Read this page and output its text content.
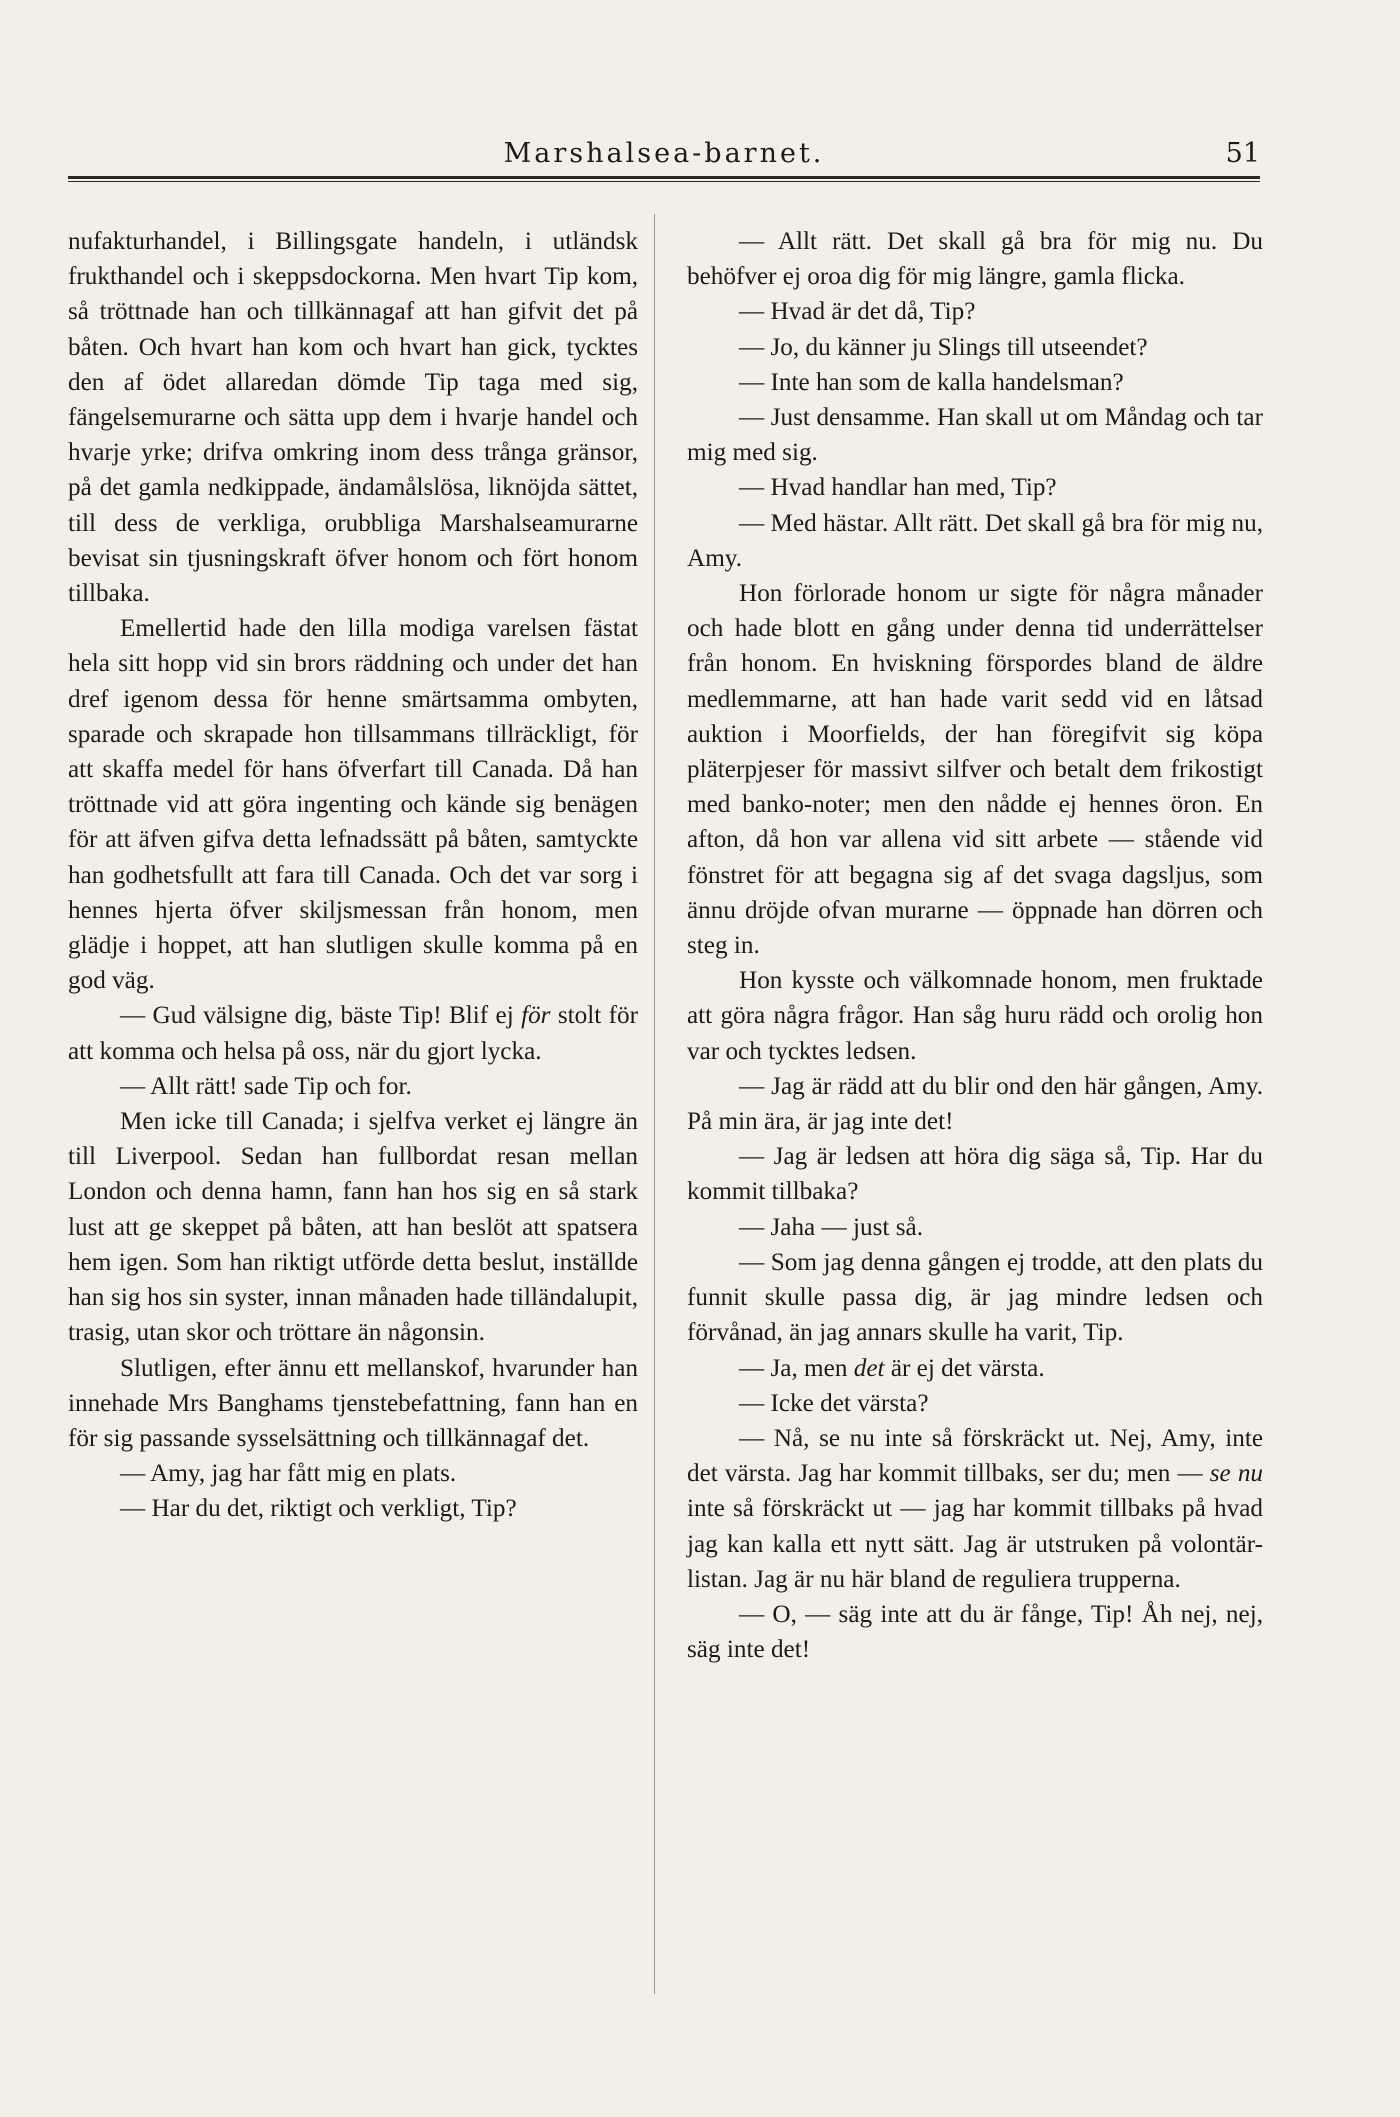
Marshalsea-barnet.	51

nufakturhandel, i Billingsgate handeln, i utländsk frukthandel och i skeppsdockorna. Men hvart Tip kom, så tröttnade han och tillkännagaf att han gifvit det på båten. Och hvart han kom och hvart han gick, tycktes den af ödet allaredan dömde Tip taga med sig, fängelsemurarne och sätta upp dem i hvarje handel och hvarje yrke; drifva omkring inom dess trånga gränsor, på det gamla nedkippade, ändamålslösa, liknöjda sättet, till dess de verkliga, orubbliga Marshalseamurarne bevisat sin tjusningskraft öfver honom och fört honom tillbaka.

Emellertid hade den lilla modiga varelsen fästat hela sitt hopp vid sin brors räddning och under det han dref igenom dessa för henne smärtsamma ombyten, sparade och skrapade hon tillsammans tillräckligt, för att skaffa medel för hans öfverfart till Canada. Då han tröttnade vid att göra ingenting och kände sig benägen för att äfven gifva detta lefnadssätt på båten, samtyckte han godhetsfullt att fara till Canada. Och det var sorg i hennes hjerta öfver skiljsmessan från honom, men glädje i hoppet, att han slutligen skulle komma på en god väg.

— Gud välsigne dig, bäste Tip! Blif ej för stolt för att komma och helsa på oss, när du gjort lycka.

— Allt rätt! sade Tip och for.

Men icke till Canada; i sjelfva verket ej längre än till Liverpool. Sedan han fullbordat resan mellan London och denna hamn, fann han hos sig en så stark lust att ge skeppet på båten, att han beslöt att spatsera hem igen. Som han riktigt utförde detta beslut, inställde han sig hos sin syster, innan månaden hade tilländalupit, trasig, utan skor och tröttare än någonsin.

Slutligen, efter ännu ett mellanskof, hvarunder han innehade Mrs Banghams tjenstebefattning, fann han en för sig passande sysselsättning och tillkännagaf det.

— Amy, jag har fått mig en plats.

— Har du det, riktigt och verkligt, Tip?

— Allt rätt. Det skall gå bra för mig nu. Du behöfver ej oroa dig för mig längre, gamla flicka.

— Hvad är det då, Tip?

— Jo, du känner ju Slings till utseendet?

— Inte han som de kalla handelsman?

— Just densamme. Han skall ut om Måndag och tar mig med sig.

— Hvad handlar han med, Tip?

— Med hästar. Allt rätt. Det skall gå bra för mig nu, Amy.

Hon förlorade honom ur sigte för några månader och hade blott en gång under denna tid underrättelser från honom. En hviskning förspordes bland de äldre medlemmarne, att han hade varit sedd vid en låtsad auktion i Moorfields, der han föregifvit sig köpa pläterpjeser för massivt silfver och betalt dem frikostigt med banko-noter; men den nådde ej hennes öron. En afton, då hon var allena vid sitt arbete — stående vid fönstret för att begagna sig af det svaga dagsljus, som ännu dröjde ofvan murarne — öppnade han dörren och steg in.

Hon kysste och välkomnade honom, men fruktade att göra några frågor. Han såg huru rädd och orolig hon var och tycktes ledsen.

— Jag är rädd att du blir ond den här gången, Amy. På min ära, är jag inte det!

— Jag är ledsen att höra dig säga så, Tip. Har du kommit tillbaka?

— Jaha — just så.

— Som jag denna gången ej trodde, att den plats du funnit skulle passa dig, är jag mindre ledsen och förvånad, än jag annars skulle ha varit, Tip.

— Ja, men det är ej det värsta.

— Icke det värsta?

— Nå, se nu inte så förskräckt ut. Nej, Amy, inte det värsta. Jag har kommit tillbaks, ser du; men — se nu inte så förskräckt ut — jag har kommit tillbaks på hvad jag kan kalla ett nytt sätt. Jag är utstruken på volontär-listan. Jag är nu här bland de reguliera trupperna.

— O, — säg inte att du är fånge, Tip! Åh nej, nej, säg inte det!
